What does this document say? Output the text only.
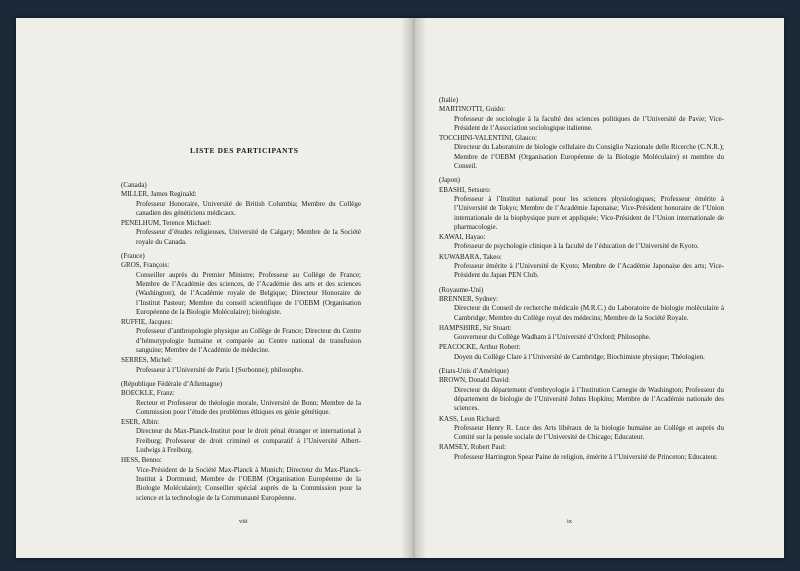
LISTE DES PARTICIPANTS
(Canada)
MILLER, James Reginald:
Professeur Honoraire, Université de British Columbia; Membre du Collège canadien des généticiens médicaux.
PENELHUM, Terence Michael:
Professeur d’études religieuses, Université de Calgary; Membre de la Société royale du Canada.
(France)
GROS, François:
Conseiller auprès du Premier Ministre; Professeur au Collège de France; Membre de l’Académie des sciences, de l’Académie des arts et des sciences (Washington), de l’Académie royale de Belgique; Directeur Honoraire de l’Institut Pasteur; Membre du conseil scientifique de l’OEBM (Organisation Européenne de la Biologie Moléculaire); biologiste.
RUFFIE, Jacques:
Professeur d’anthropologie physique au Collège de France; Directeur du Centre d’hémotypologie humaine et comparée au Centre national de transfusion sanguine; Membre de l’Académie de médecine.
SERRES, Michel:
Professeur à l’Université de Paris I (Sorbonne); philosophe.
(République Fédérale d’Allemagne)
BOECKLE, Franz:
Recteur et Professeur de théologie morale, Université de Bonn; Membre de la Commission pour l’étude des problèmes éthiques en génie génétique.
ESER, Albin:
Directeur du Max-Planck-Institut pour le droit pénal étranger et international à Freiburg; Professeur de droit criminel et comparatif à l’Université Albert-Ludwigs à Freiburg.
HESS, Benno:
Vice-Président de la Société Max-Planck à Munich; Directeur du Max-Planck-Institut à Dortmund; Membre de l’OEBM (Organisation Européenne de la Biologie Moléculaire); Conseiller spécial auprès de la Commission pour la science et la technologie de la Communauté Européenne.
viii
(Italie)
MARTINOTTI, Guido:
Professeur de sociologie à la faculté des sciences politiques de l’Université de Pavie; Vice-Président de l’Association sociologique italienne.
TOCCHINI-VALENTINI, Glauco:
Directeur du Laboratoire de biologie cellulaire du Consiglio Nazionale delle Ricerche (C.N.R.); Membre de l’OEBM (Organisation Européenne de la Biologie Moléculaire) et membre du Conseil.
(Japon)
EBASHI, Setsuro:
Professeur à l’Institut national pour les sciences physiologiques; Professeur émérite à l’Université de Tokyo; Membre de l’Académie Japonaise; Vice-Président honoraire de l’Union internationale de la biophysique pure et appliquée; Vice-Président de l’Union internationale de pharmacologie.
KAWAI, Hayao:
Professeur de psychologie clinique à la faculté de l’éducation de l’Université de Kyoto.
KUWABARA, Takeo:
Professeur émérite à l’Université de Kyoto; Membre de l’Académie Japonaise des arts; Vice-Président du Japan PEN Club.
(Royaume-Uni)
BRENNER, Sydney:
Directeur du Conseil de recherche médicale (M.R.C.) du Laboratoire de biologie moléculaire à Cambridge; Membre du Collège royal des médecins; Membre de la Société Royale.
HAMPSHIRE, Sir Stuart:
Gouverneur du Collège Wadham à l’Université d’Oxford; Philosophe.
PEACOCKE, Arthur Robert:
Doyen du Collège Clare à l’Université de Cambridge; Biochimiste physique; Théologien.
(Etats-Unis d’Amérique)
BROWN, Donald David:
Directeur du département d’embryologie à l’Institution Carnegie de Washington; Professeur du département de biologie de l’Université Johns Hopkins; Membre de l’Académie nationale des sciences.
KASS, Leon Richard:
Professeur Henry R. Luce des Arts libéraux de la biologie humaine au Collège et auprès du Comité sur la pensée sociale de l’Université de Chicago; Educateur.
RAMSEY, Robert Paul:
Professeur Harrington Spear Paine de religion, émérite à l’Université de Princeton; Educateur.
ix
